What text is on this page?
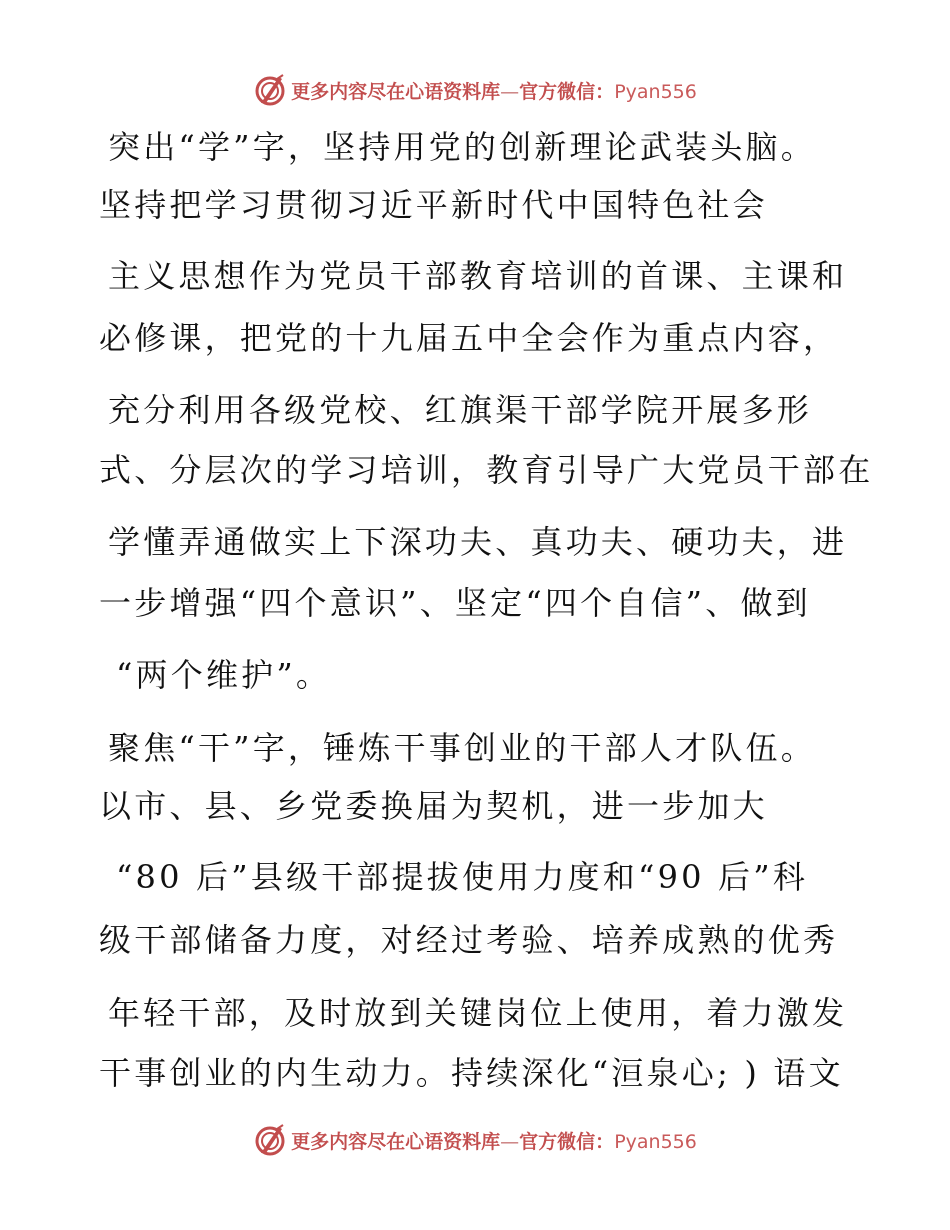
更多内容尽在心语资料库—官方微信：Pyan556
突出“学”字，坚持用党的创新理论武装头脑。
坚持把学习贯彻习近平新时代中国特色社会
主义思想作为党员干部教育培训的首课、主课和
必修课，把党的十九届五中全会作为重点内容，
充分利用各级党校、红旗渠干部学院开展多形
式、分层次的学习培训，教育引导广大党员干部在
学懂弄通做实上下深功夫、真功夫、硬功夫，进
一步增强“四个意识”、坚定“四个自信”、做到
“两个维护”。
聚焦“干”字，锤炼干事创业的干部人才队伍。
以市、县、乡党委换届为契机，进一步加大
“80 后”县级干部提拔使用力度和“90 后”科
级干部储备力度，对经过考验、培养成熟的优秀
年轻干部，及时放到关键岗位上使用，着力激发
干事创业的内生动力。持续深化“洹泉心; ) 语文
更多内容尽在心语资料库—官方微信：Pyan556
